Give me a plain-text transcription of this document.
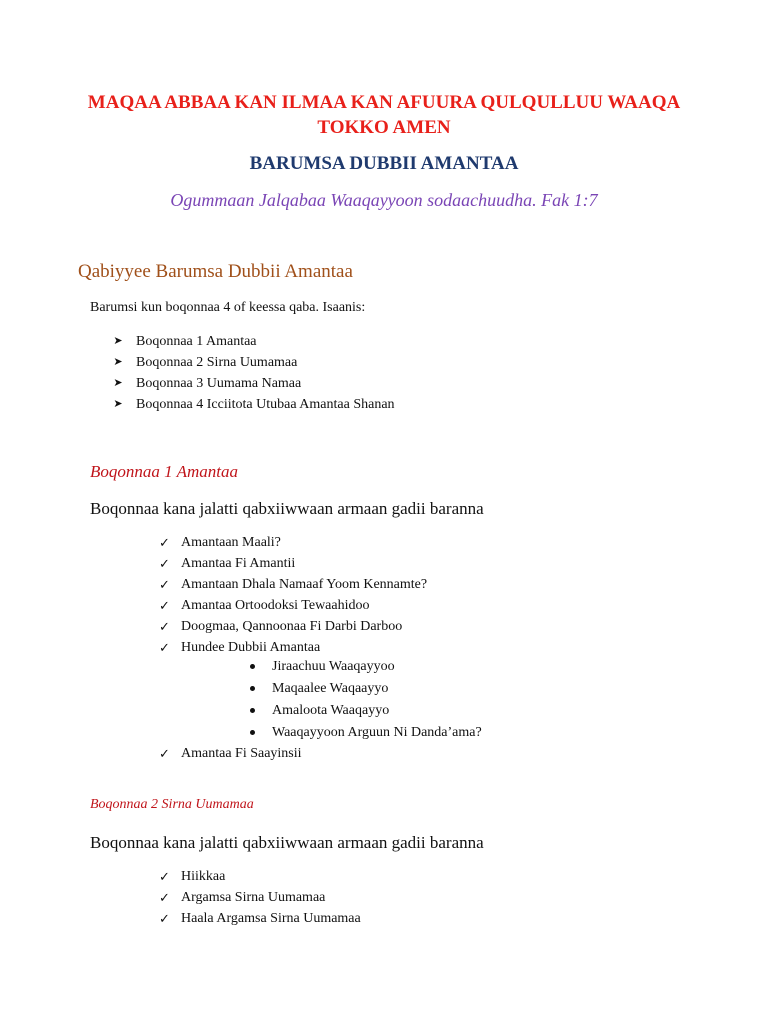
MAQAA ABBAA KAN ILMAA KAN AFUURA QULQULLUU WAAQA
TOKKO AMEN
BARUMSA DUBBII AMANTAA
Ogummaan Jalqabaa Waaqayyoon sodaachuudha. Fak 1:7
Qabiyyee Barumsa Dubbii Amantaa
Barumsi kun boqonnaa 4 of keessa qaba. Isaanis:
➤ Boqonnaa 1 Amantaa
➤ Boqonnaa 2 Sirna Uumamaa
➤ Boqonnaa 3 Uumama Namaa
➤ Boqonnaa 4 Icciitota Utubaa Amantaa Shanan
Boqonnaa 1 Amantaa
Boqonnaa kana jalatti qabxiiwwaan armaan gadii baranna
✓ Amantaan Maali?
✓ Amantaa Fi Amantii
✓ Amantaan Dhala Namaaf Yoom Kennamte?
✓ Amantaa Ortoodoksi Tewaahidoo
✓ Doogmaa, Qannoonaa Fi Darbi Darboo
✓ Hundee Dubbii Amantaa
Jiraachuu Waaqayyoo
Maqaalee Waqaayyo
Amaloota Waaqayyo
Waaqayyoon Arguun Ni Danda’ama?
✓ Amantaa Fi Saayinsii
Boqonnaa 2 Sirna Uumamaa
Boqonnaa kana jalatti qabxiiwwaan armaan gadii baranna
✓ Hiikkaa
✓ Argamsa Sirna Uumamaa
✓ Haala Argamsa Sirna Uumamaa
